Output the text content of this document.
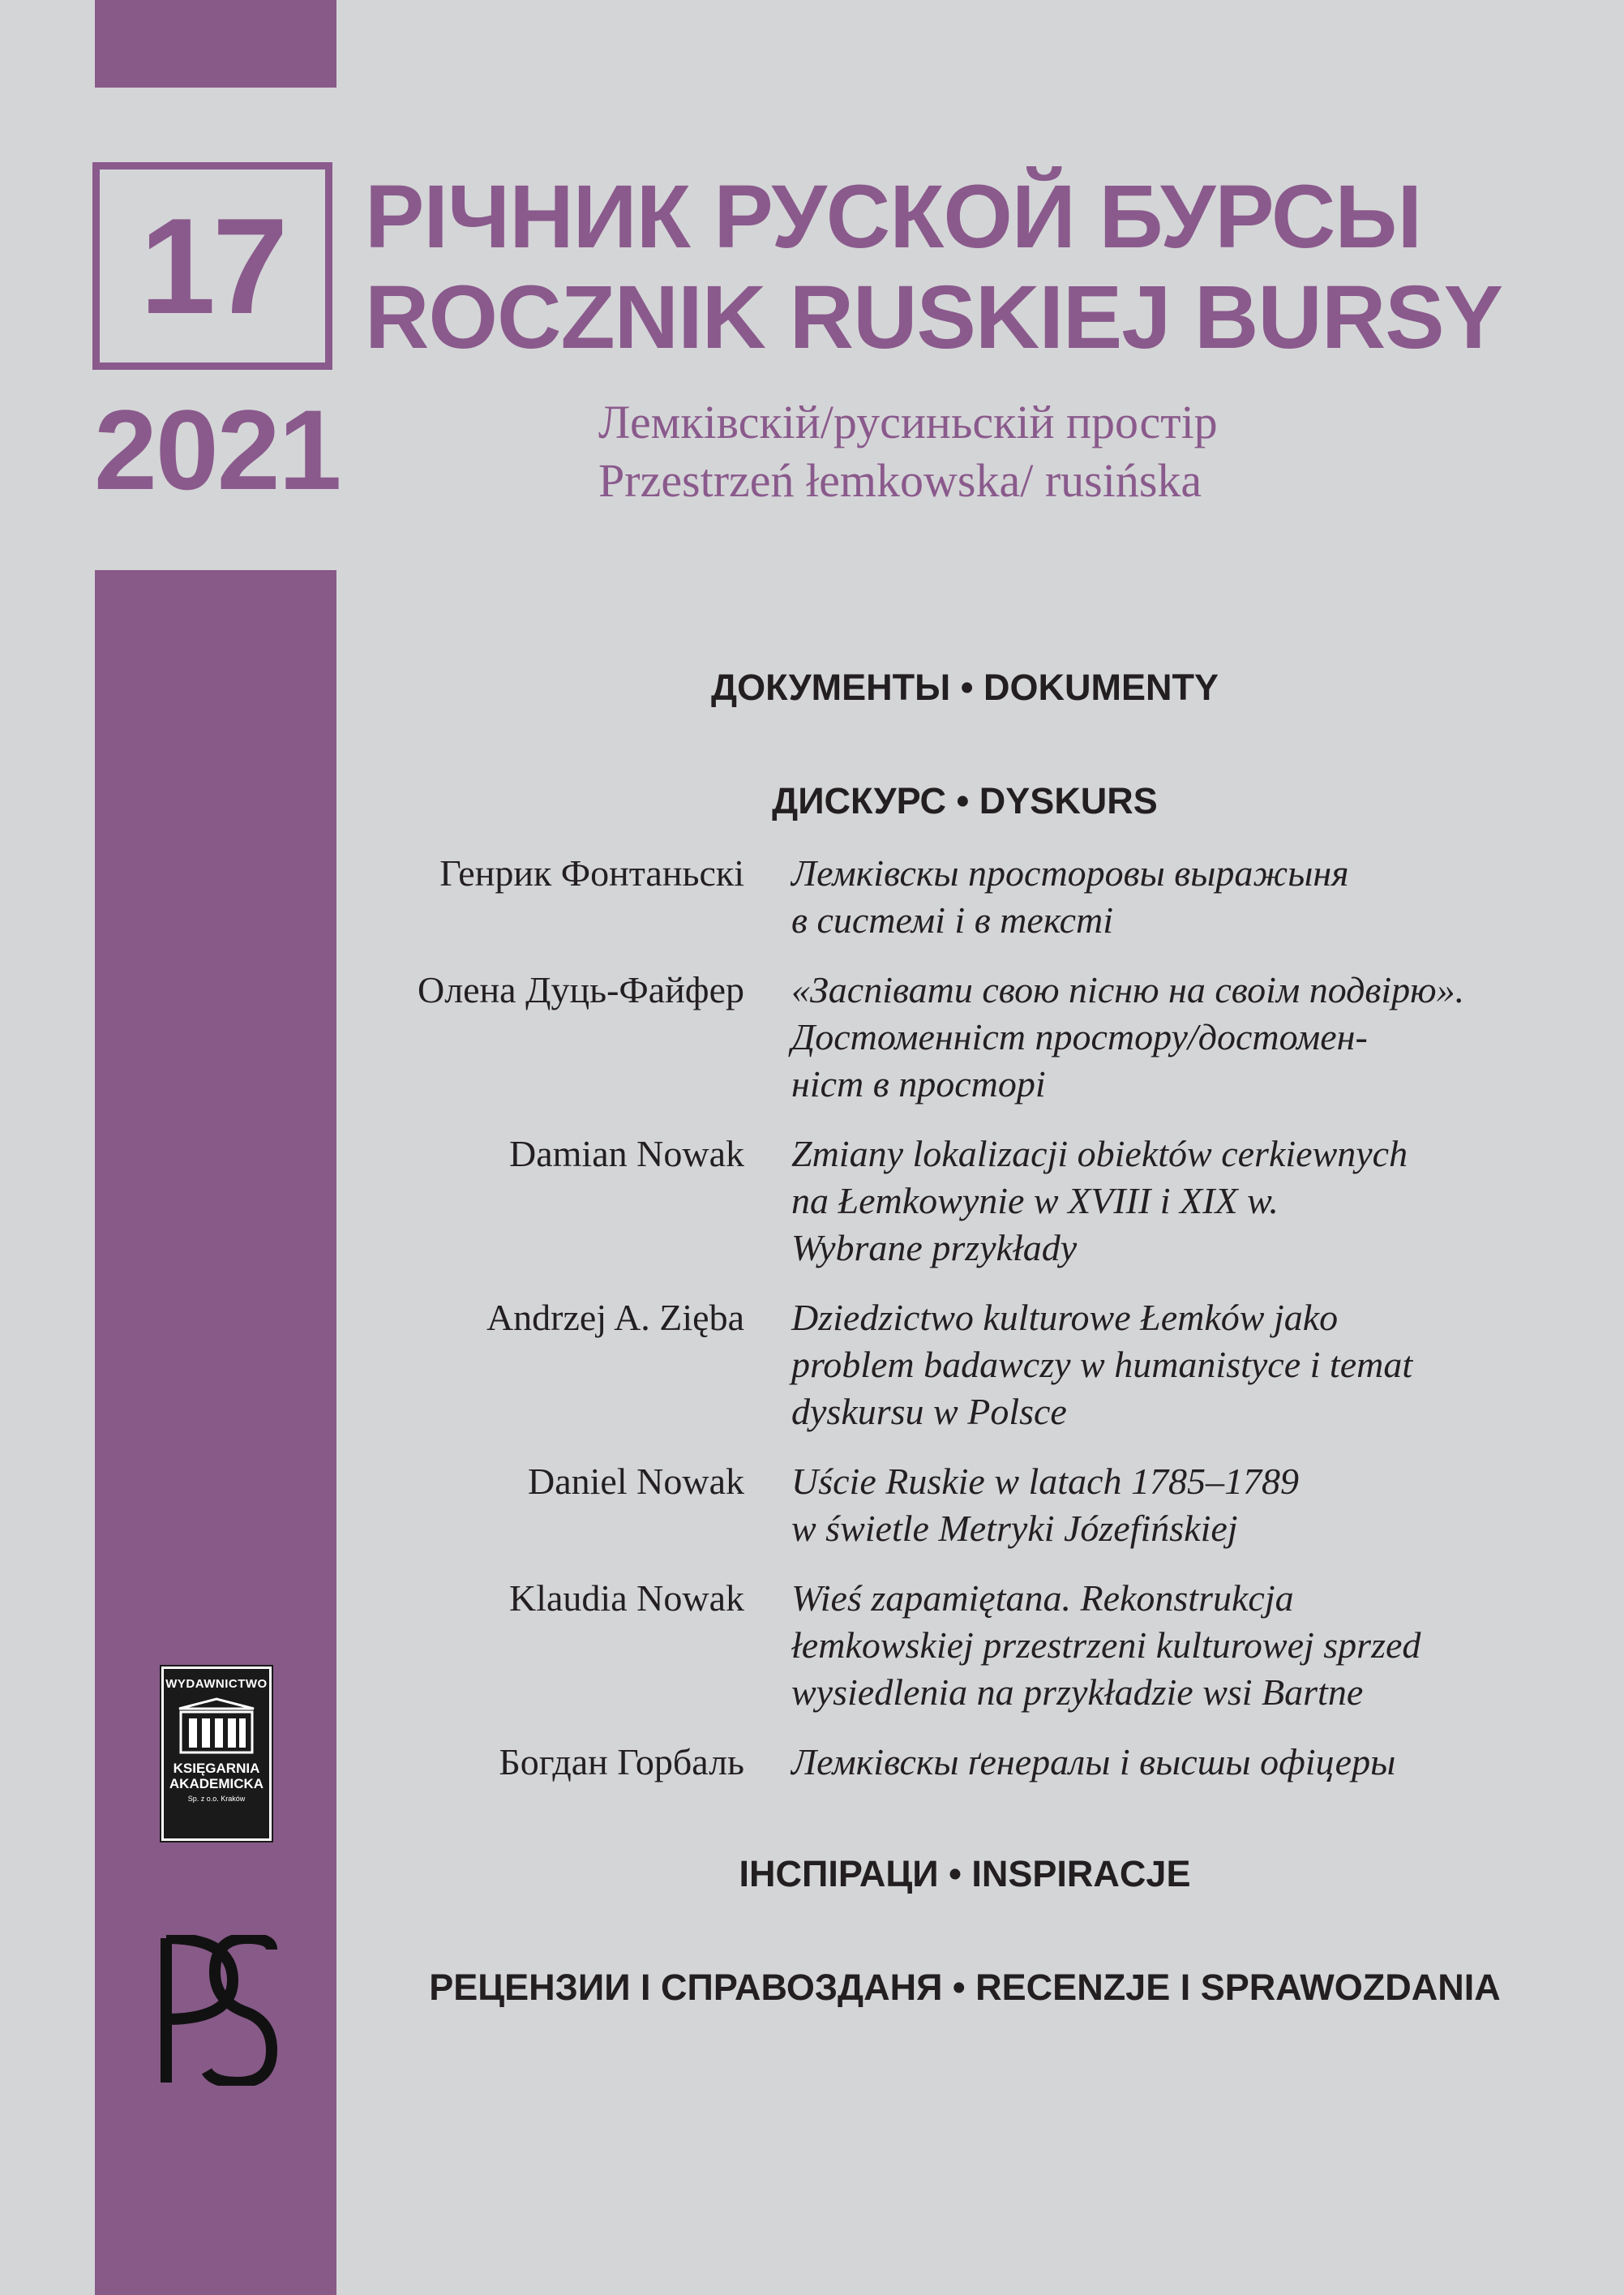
17 РІЧНИК РУСКОЙ БУРСЫ
ROCZNIK RUSKIEJ BURSY
2021	Лемківскій/русиньскій простір
Przestrzeń łemkowska/ rusińska
ДОКУМЕНТЫ • DOKUMENTY
ДИСКУРС • DYSKURS
Генрик Фонтаньскі	Лемківскы просторовы выражыня
в системі і в тексті
Олена Дуць-Файфер	«Заспівати свою пісню на своім подвірю».
Достоменніст простору/достомен-
ніст в просторі
Damian Nowak	Zmiany lokalizacji obiektów cerkiewnych
na Łemkowynie w XVIII i XIX w.
Wybrane przykłady
Andrzej A. Zięba	Dziedzictwo kulturowe Łemków jako
problem badawczy w humanistyce i temat
dyskursu w Polsce
Daniel Nowak	Uście Ruskie w latach 1785–1789
w świetle Metryki Józefińskiej
Klaudia Nowak	Wieś zapamiętana. Rekonstrukcja
łemkowskiej przestrzeni kulturowej sprzed
wysiedlenia na przykładzie wsi Bartne
Богдан Горбаль	Лемківскы ґенералы і высшы офіцеры
ІНСПІРАЦИ • INSPIRACJE
РЕЦЕНЗИИ І СПРАВОЗДАНЯ • RECENZJE I SPRAWOZDANIA
WYDAWNICTWO
KSIĘGARNIA
AKADEMICKA
Sp. z o.o. Kraków
